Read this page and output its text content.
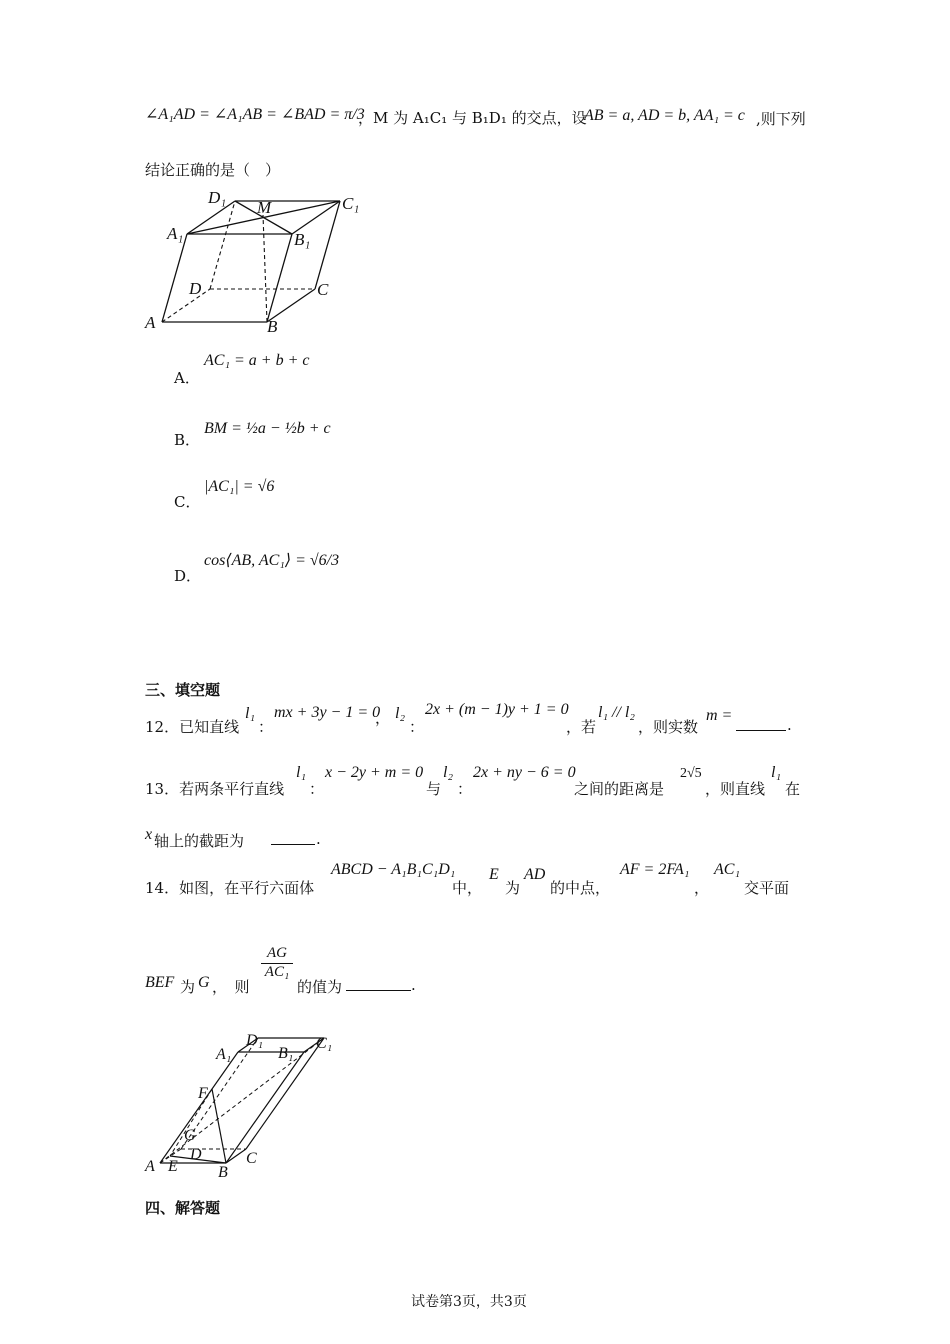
∠A₁AD = ∠A₁AB = ∠BAD = π/3
，M 为 A₁C₁ 与 B₁D₁ 的交点，设
AB = a, AD = b, AA₁ = c ,则下列
结论正确的是（　）
A	B
C
D
A₁	B₁
C₁
D₁
M
A．
AC₁ = a + b + c
B．
BM = ½a − ½b + c
C．
|AC₁| = √6
D．
cos⟨AB, AC₁⟩ = √6/3
三、填空题
12．已知直线
l₁
：
mx + 3y − 1 = 0
， l₂
：
2x + (m − 1)y + 1 = 0
，若
l₁ // l₂
，则实数
m =
.
13．若两条平行直线
l₁
：
x − 2y + m = 0
与
l₂
：
2x + ny − 6 = 0
之间的距离是
2√5
，则直线
l₁
在
x 轴上的截距为	.
14．如图，在平行六面体
ABCD − A₁B₁C₁D₁
中，
E
为
AD
的中点，
AF = 2FA₁
，
AC₁
交平面
BEF 为 G ，　则
$\frac{AG}{\text{AC₁}}$
的值为	.
A	B
C
D
E
F
G
A₁	B₁
C₁
D₁
四、解答题
试卷第3页，共3页
